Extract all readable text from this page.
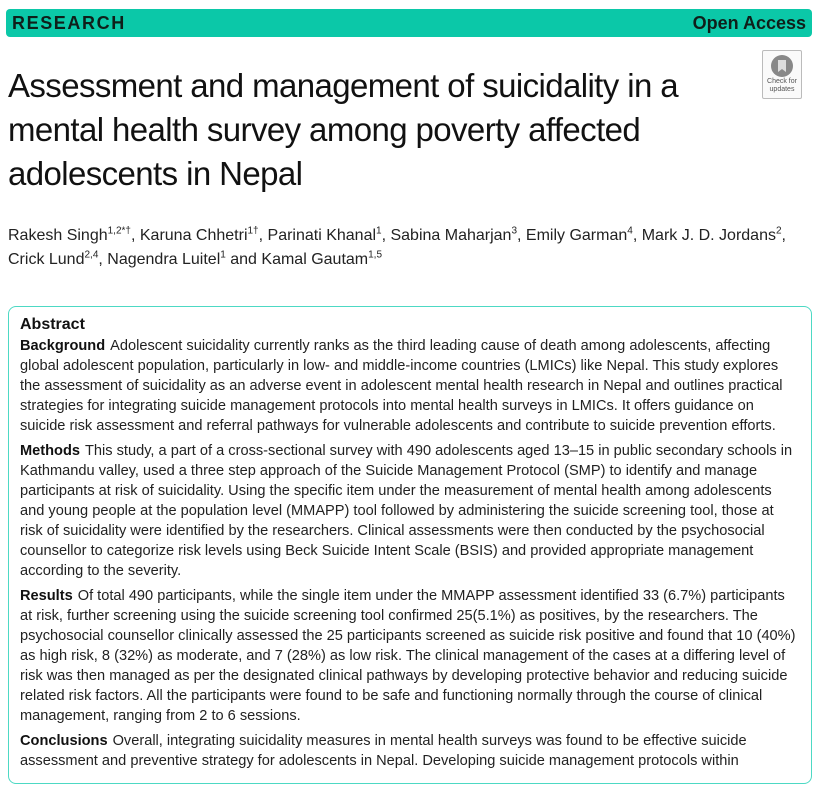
RESEARCH	Open Access
Assessment and management of suicidality in a mental health survey among poverty affected adolescents in Nepal
Check for
updates
Rakesh Singh$^{1,2*\dagger}$, Karuna Chhetri$^{1\dagger}$, Parinati Khanal$^1$, Sabina Maharjan$^3$, Emily Garman$^4$, Mark J. D. Jordans$^2$,
Crick Lund$^{2,4}$, Nagendra Luitel$^1$ and Kamal Gautam$^{1,5}$
Abstract

Background Adolescent suicidality currently ranks as the third leading cause of death among adolescents, affecting global adolescent population, particularly in low- and middle-income countries (LMICs) like Nepal. This study explores the assessment of suicidality as an adverse event in adolescent mental health research in Nepal and outlines practical strategies for integrating suicide management protocols into mental health surveys in LMICs. It offers guidance on suicide risk assessment and referral pathways for vulnerable adolescents and contribute to suicide prevention efforts.

Methods This study, a part of a cross-sectional survey with 490 adolescents aged 13–15 in public secondary schools in Kathmandu valley, used a three step approach of the Suicide Management Protocol (SMP) to identify and manage participants at risk of suicidality. Using the specific item under the measurement of mental health among adolescents and young people at the population level (MMAPP) tool followed by administering the suicide screening tool, those at risk of suicidality were identified by the researchers. Clinical assessments were then conducted by the psychosocial counsellor to categorize risk levels using Beck Suicide Intent Scale (BSIS) and provided appropriate management according to the severity.

Results Of total 490 participants, while the single item under the MMAPP assessment identified 33 (6.7%) participants at risk, further screening using the suicide screening tool confirmed 25(5.1%) as positives, by the researchers. The psychosocial counsellor clinically assessed the 25 participants screened as suicide risk positive and found that 10 (40%) as high risk, 8 (32%) as moderate, and 7 (28%) as low risk. The clinical management of the cases at a differing level of risk was then managed as per the designated clinical pathways by developing protective behavior and reducing suicide related risk factors. All the participants were found to be safe and functioning normally through the course of clinical management, ranging from 2 to 6 sessions.

Conclusions Overall, integrating suicidality measures in mental health surveys was found to be effective suicide assessment and preventive strategy for adolescents in Nepal. Developing suicide management protocols within
